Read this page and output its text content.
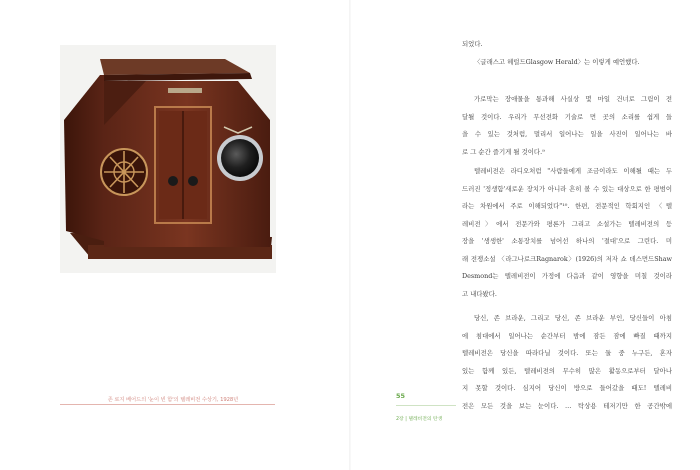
존 로지 베어드의 '눈이 빈 함'의 텔레비전 수상기, 1928년
되었다.
〈글래스고 헤럴드Glasgow Herald〉는 이렇게 예언했다.
가로막는 장애물을 통과해 사실상 몇 마일 건너로 그림이 전
달될 것이다. 우리가 무선전화 기술로 먼 곳의 소리를 쉽게 들
을 수 있는 것처럼, 멀리서 일어나는 일을 사진이 일어나는 바
로 그 순간 즐기게 될 것이다.⁹
텔레비전은 라디오처럼 "사람들에게 조금이라도 이해될 때는 두
드러진 '정생함'새로운 장치가 아니라 흔히 볼 수 있는 대상으로 한 평범이
라는 차원에서 주로 이해되었다"¹⁰. 한편, 전문적인 학회지인 〈텔
레비전〉에서 전문가와 평론가 그리고 소설가는 텔레비전의 등
장을 '생생한' 소통장치를 넘어선 하나의 '절대'으로 그린다. 미
래 전쟁소설 〈라그나로크Ragnarok〉(1926)의 저자 쇼 데스먼드Shaw
Desmond는 텔레비전이 가정에 다음과 같이 영향을 미칠 것이라
고 내다봤다.
당신, 존 브라운, 그리고 당신, 존 브라운 부인, 당신들이 아침
에 침대에서 일어나는 순간부터 밤에 잠든 잠에 빠질 때까지
텔레비전은 당신을 따라다닐 것이다. 또는 둘 중 누구든, 혼자
있는 함께 있든, 텔레비전의 무수히 많은 활동으로부터 달아나
지 못할 것이다. 심지어 당신이 방으로 들어갔을 때도! 텔레비
전은 모든 것을 보는 눈이다. … 탁상용 테저기만 한 공간밖에
55
2장 | 텔레비전의 탄생
